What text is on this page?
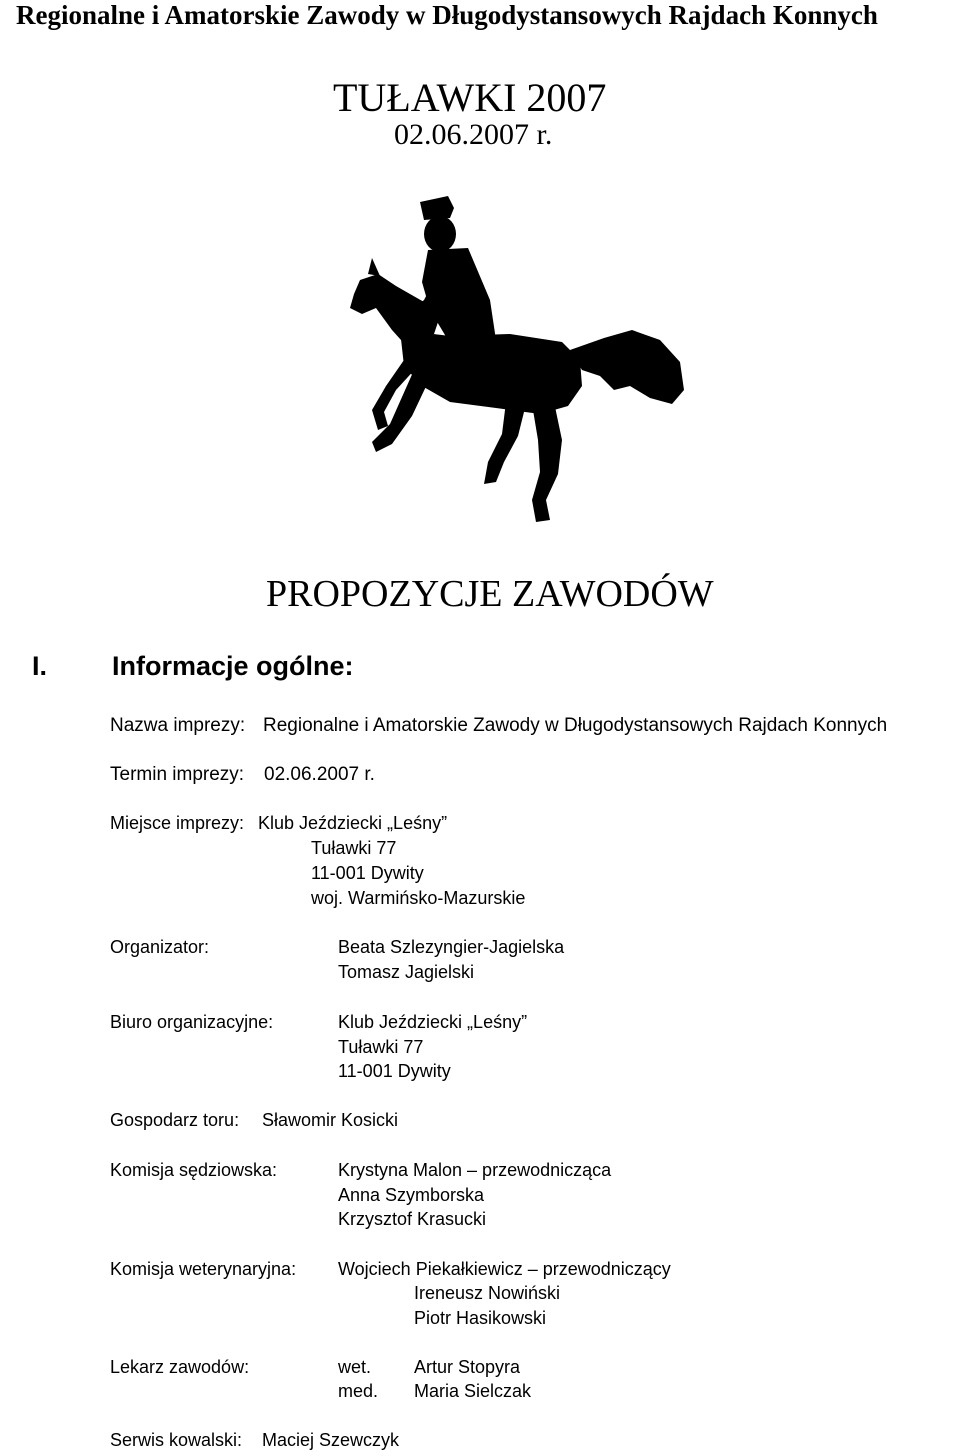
Regionalne i Amatorskie Zawody w Długodystansowych Rajdach Konnych
TUŁAWKI 2007
02.06.2007 r.
PROPOZYCJE ZAWODÓW
I. Informacje ogólne:
Nazwa imprezy: Regionalne i Amatorskie Zawody w Długodystansowych Rajdach Konnych
Termin imprezy: 02.06.2007 r.
Miejsce imprezy: Klub Jeździecki „Leśny”
Tuławki 77
11-001 Dywity
woj. Warmińsko-Mazurskie
Organizator:	Beata Szlezyngier-Jagielska
Tomasz Jagielski
Biuro organizacyjne:	Klub Jeździecki „Leśny”
Tuławki 77
11-001 Dywity
Gospodarz toru: Sławomir Kosicki
Komisja sędziowska:	Krystyna Malon – przewodnicząca
Anna Szymborska
Krzysztof Krasucki
Komisja weterynaryjna: Wojciech Piekałkiewicz – przewodniczący
Ireneusz Nowiński
Piotr Hasikowski
Lekarz zawodów:	wet. Artur Stopyra
med. Maria Sielczak
Serwis kowalski: Maciej Szewczyk
